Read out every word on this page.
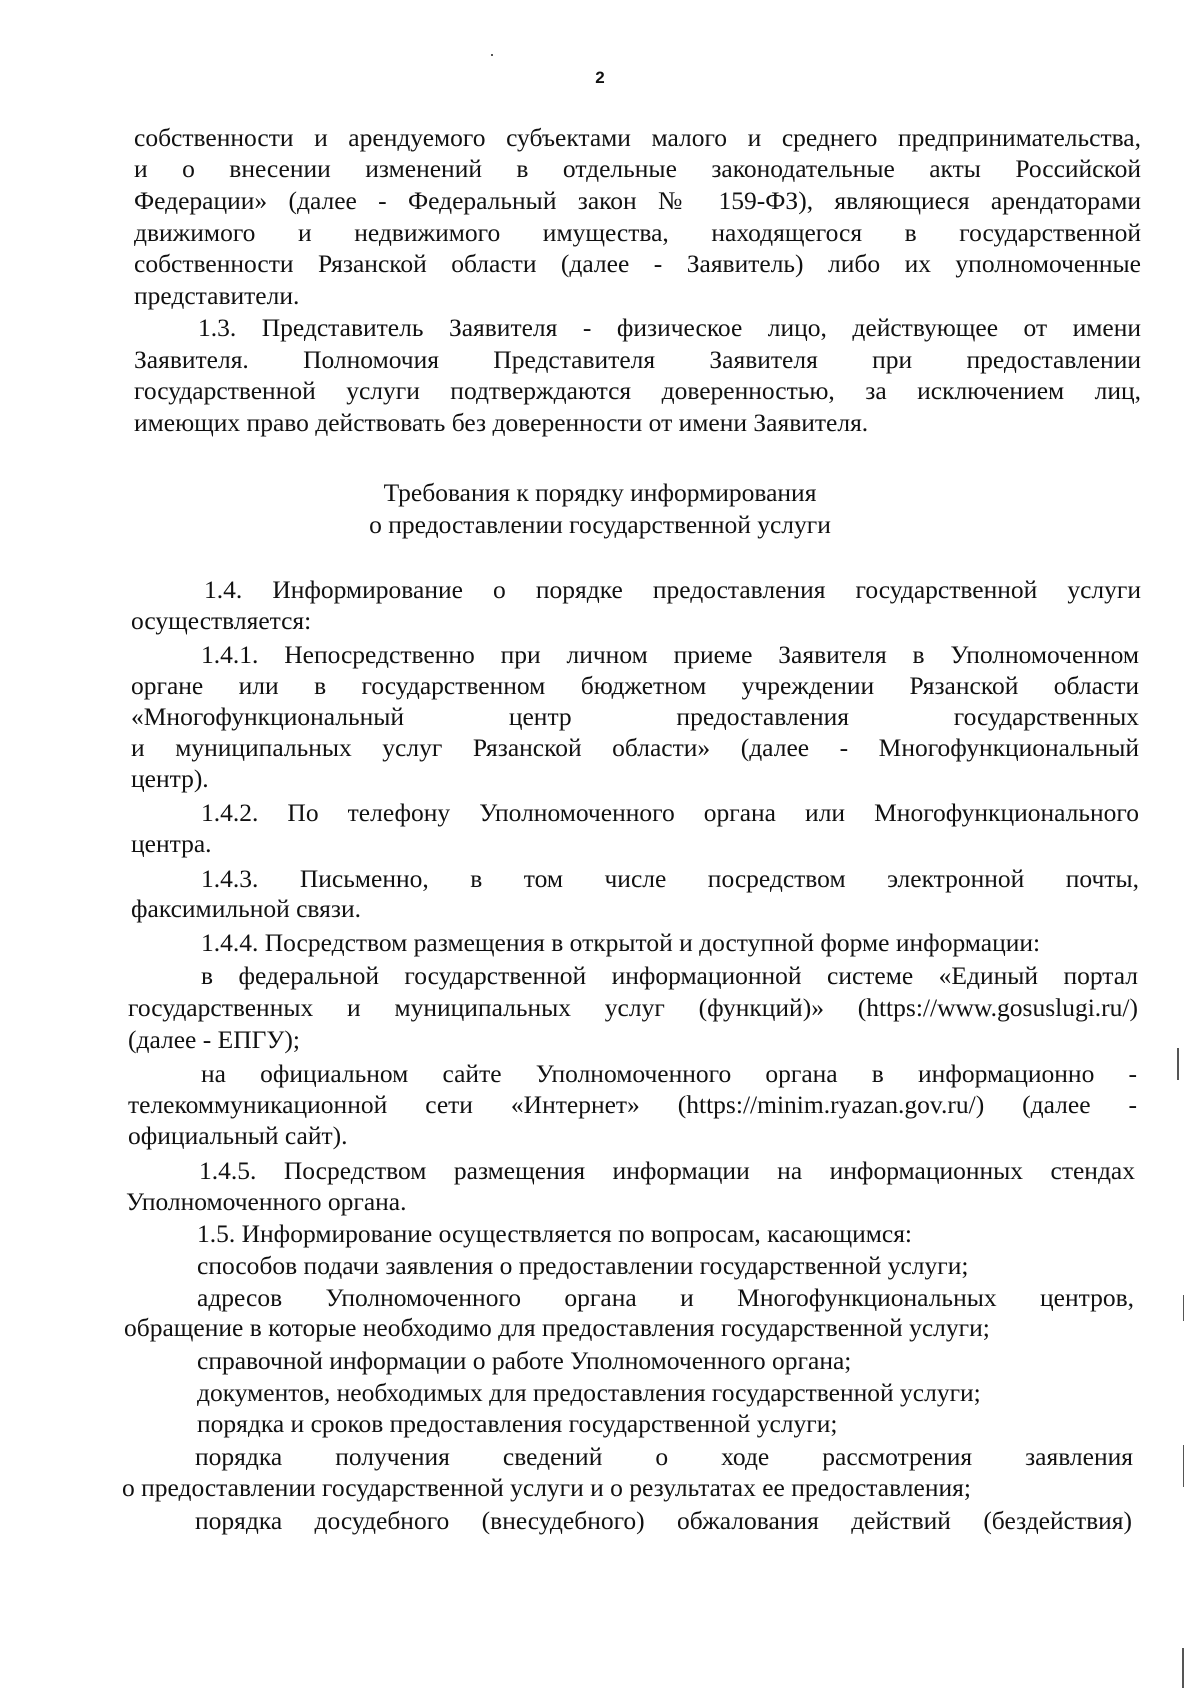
2
собственности и арендуемого субъектами малого и среднего предпринимательства,
и о внесении изменений в отдельные законодательные акты Российской
Федерации» (далее - Федеральный закон № 159-ФЗ), являющиеся арендаторами
движимого и недвижимого имущества, находящегося в государственной
собственности Рязанской области (далее - Заявитель) либо их уполномоченные
представители.
1.3. Представитель Заявителя - физическое лицо, действующее от имени
Заявителя. Полномочия Представителя Заявителя при предоставлении
государственной услуги подтверждаются доверенностью, за исключением лиц,
имеющих право действовать без доверенности от имени Заявителя.
Требования к порядку информирования
о предоставлении государственной услуги
1.4. Информирование о порядке предоставления государственной услуги
осуществляется:
1.4.1. Непосредственно при личном приеме Заявителя в Уполномоченном
органе или в государственном бюджетном учреждении Рязанской области
«Многофункциональный центр предоставления государственных
и муниципальных услуг Рязанской области» (далее - Многофункциональный
центр).
1.4.2. По телефону Уполномоченного органа или Многофункционального
центра.
1.4.3. Письменно, в том числе посредством электронной почты,
факсимильной связи.
1.4.4. Посредством размещения в открытой и доступной форме информации:
в федеральной государственной информационной системе «Единый портал
государственных и муниципальных услуг (функций)» (https://www.gosuslugi.ru/)
(далее - ЕПГУ);
на официальном сайте Уполномоченного органа в информационно -
телекоммуникационной сети «Интернет» (https://minim.ryazan.gov.ru/) (далее -
официальный сайт).
1.4.5. Посредством размещения информации на информационных стендах
Уполномоченного органа.
1.5. Информирование осуществляется по вопросам, касающимся:
способов подачи заявления о предоставлении государственной услуги;
адресов Уполномоченного органа и Многофункциональных центров,
обращение в которые необходимо для предоставления государственной услуги;
справочной информации о работе Уполномоченного органа;
документов, необходимых для предоставления государственной услуги;
порядка и сроков предоставления государственной услуги;
порядка получения сведений о ходе рассмотрения заявления
о предоставлении государственной услуги и о результатах ее предоставления;
порядка досудебного (внесудебного) обжалования действий (бездействия)
